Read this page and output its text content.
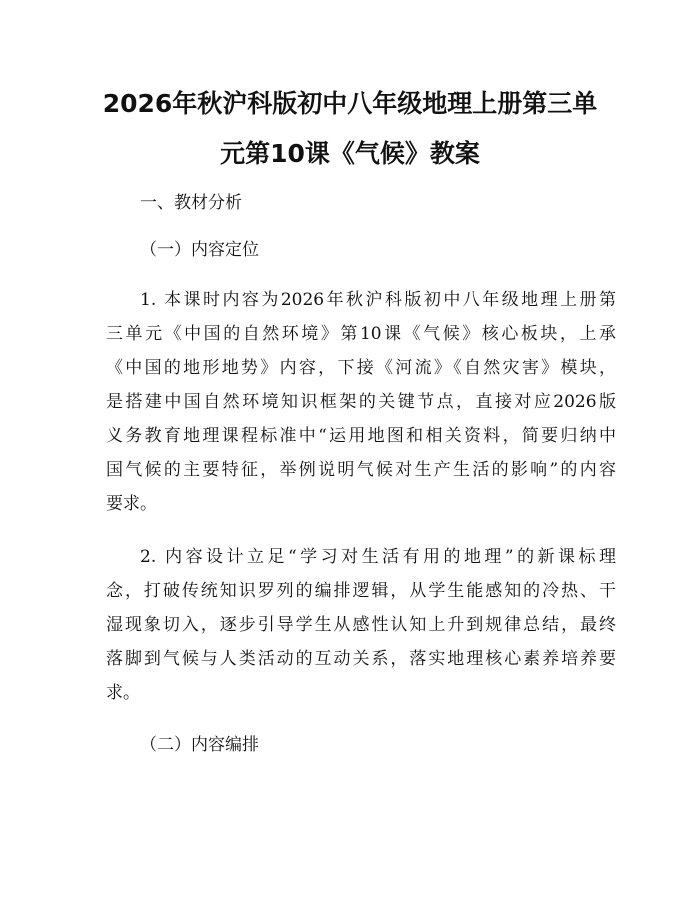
2026年秋沪科版初中八年级地理上册第三单
元第10课《气候》教案

一、教材分析

（一）内容定位

1. 本课时内容为2026年秋沪科版初中八年级地理上册第
三单元《中国的自然环境》第10课《气候》核心板块，上承
《中国的地形地势》内容，下接《河流》《自然灾害》模块，
是搭建中国自然环境知识框架的关键节点，直接对应2026版
义务教育地理课程标准中“运用地图和相关资料，简要归纳中
国气候的主要特征，举例说明气候对生产生活的影响”的内容
要求。
2. 内容设计立足“学习对生活有用的地理”的新课标理
念，打破传统知识罗列的编排逻辑，从学生能感知的冷热、干
湿现象切入，逐步引导学生从感性认知上升到规律总结，最终
落脚到气候与人类活动的互动关系，落实地理核心素养培养要
求。

（二）内容编排
